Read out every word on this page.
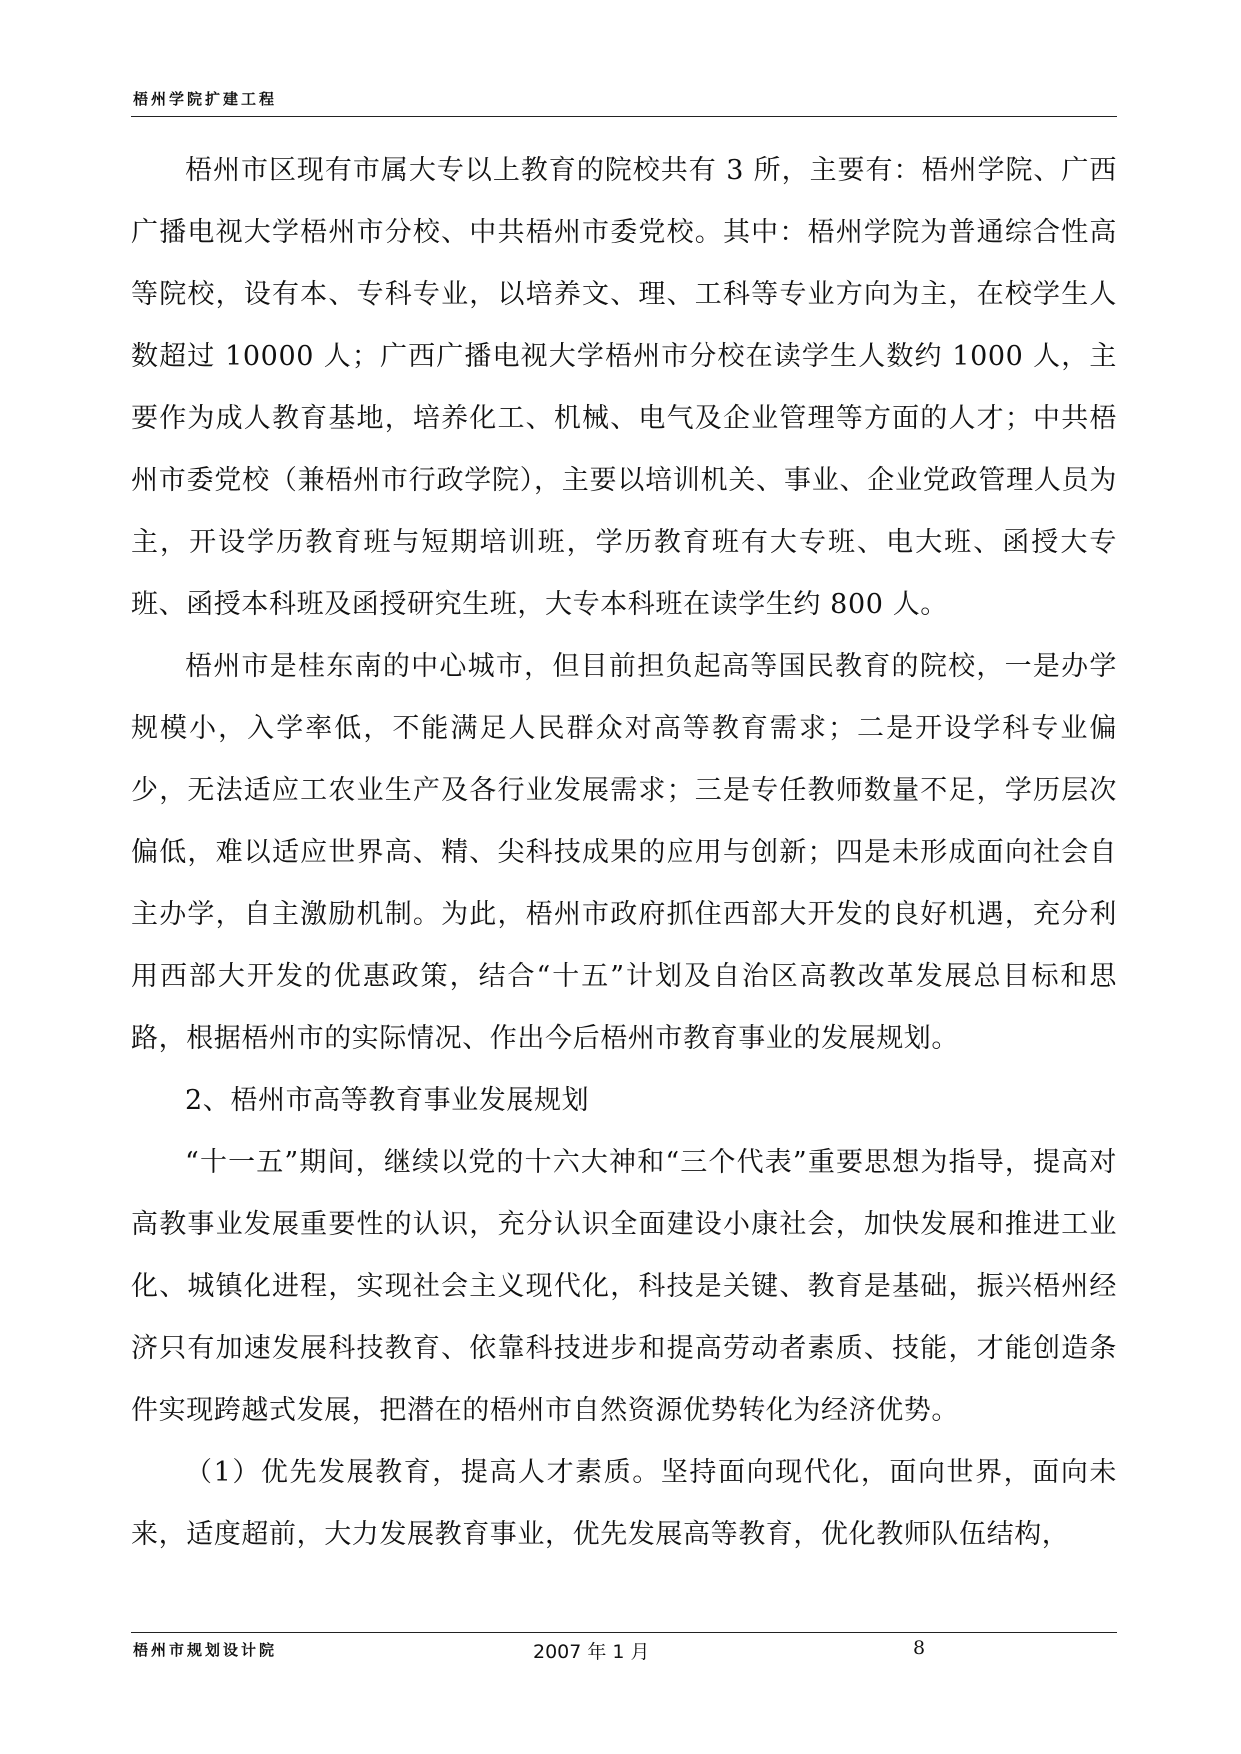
梧州学院扩建工程

梧州市区现有市属大专以上教育的院校共有 3 所，主要有：梧州学院、广西广播电视大学梧州市分校、中共梧州市委党校。其中：梧州学院为普通综合性高等院校，设有本、专科专业，以培养文、理、工科等专业方向为主，在校学生人数超过 10000 人；广西广播电视大学梧州市分校在读学生人数约 1000 人，主要作为成人教育基地，培养化工、机械、电气及企业管理等方面的人才；中共梧州市委党校（兼梧州市行政学院），主要以培训机关、事业、企业党政管理人员为主，开设学历教育班与短期培训班，学历教育班有大专班、电大班、函授大专班、函授本科班及函授研究生班，大专本科班在读学生约 800 人。

梧州市是桂东南的中心城市，但目前担负起高等国民教育的院校，一是办学规模小，入学率低，不能满足人民群众对高等教育需求；二是开设学科专业偏少，无法适应工农业生产及各行业发展需求；三是专任教师数量不足，学历层次偏低，难以适应世界高、精、尖科技成果的应用与创新；四是未形成面向社会自主办学，自主激励机制。为此，梧州市政府抓住西部大开发的良好机遇，充分利用西部大开发的优惠政策，结合“十五”计划及自治区高教改革发展总目标和思路，根据梧州市的实际情况、作出今后梧州市教育事业的发展规划。

2、梧州市高等教育事业发展规划

“十一五”期间，继续以党的十六大神和“三个代表”重要思想为指导，提高对高教事业发展重要性的认识，充分认识全面建设小康社会，加快发展和推进工业化、城镇化进程，实现社会主义现代化，科技是关键、教育是基础，振兴梧州经济只有加速发展科技教育、依靠科技进步和提高劳动者素质、技能，才能创造条件实现跨越式发展，把潜在的梧州市自然资源优势转化为经济优势。

（1）优先发展教育，提高人才素质。坚持面向现代化，面向世界，面向未来，适度超前，大力发展教育事业，优先发展高等教育，优化教师队伍结构，

梧州市规划设计院	2007 年 1 月	8
